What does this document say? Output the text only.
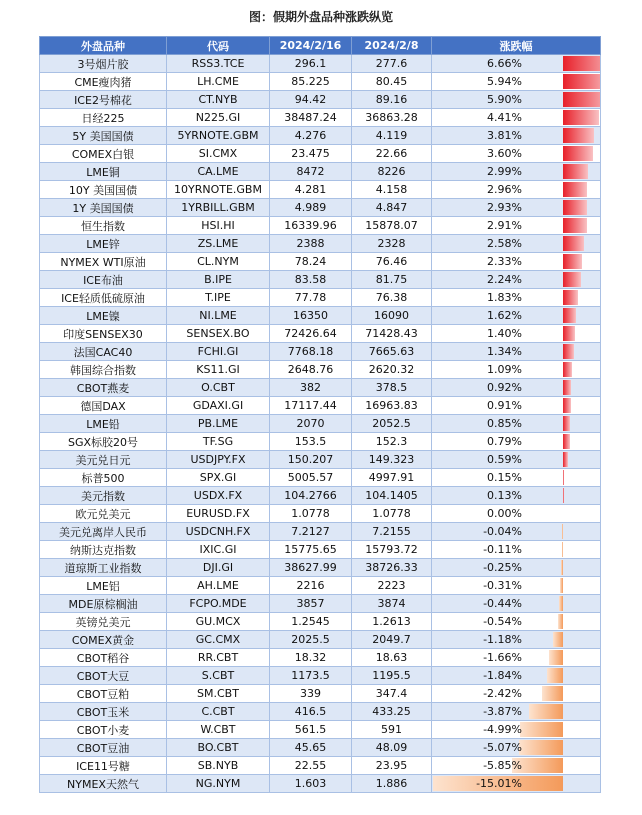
图：假期外盘品种涨跌纵览
外盘品种	代码	2024/2/16	2024/2/8	涨跌幅
3号烟片胶	RSS3.TCE	296.1	277.6	6.66%
CME瘦肉猪	LH.CME	85.225	80.45	5.94%
ICE2号棉花	CT.NYB	94.42	89.16	5.90%
日经225	N225.GI	38487.24	36863.28	4.41%
5Y 美国国债	5YRNOTE.GBM	4.276	4.119	3.81%
COMEX白银	SI.CMX	23.475	22.66	3.60%
LME铜	CA.LME	8472	8226	2.99%
10Y 美国国债	10YRNOTE.GBM	4.281	4.158	2.96%
1Y 美国国债	1YRBILL.GBM	4.989	4.847	2.93%
恒生指数	HSI.HI	16339.96	15878.07	2.91%
LME锌	ZS.LME	2388	2328	2.58%
NYMEX WTI原油	CL.NYM	78.24	76.46	2.33%
ICE布油	B.IPE	83.58	81.75	2.24%
ICE轻质低硫原油	T.IPE	77.78	76.38	1.83%
LME镍	NI.LME	16350	16090	1.62%
印度SENSEX30	SENSEX.BO	72426.64	71428.43	1.40%
法国CAC40	FCHI.GI	7768.18	7665.63	1.34%
韩国综合指数	KS11.GI	2648.76	2620.32	1.09%
CBOT燕麦	O.CBT	382	378.5	0.92%
德国DAX	GDAXI.GI	17117.44	16963.83	0.91%
LME铅	PB.LME	2070	2052.5	0.85%
SGX标胶20号	TF.SG	153.5	152.3	0.79%
美元兑日元	USDJPY.FX	150.207	149.323	0.59%
标普500	SPX.GI	5005.57	4997.91	0.15%
美元指数	USDX.FX	104.2766	104.1405	0.13%
欧元兑美元	EURUSD.FX	1.0778	1.0778	0.00%
美元兑离岸人民币	USDCNH.FX	7.2127	7.2155	-0.04%
纳斯达克指数	IXIC.GI	15775.65	15793.72	-0.11%
道琼斯工业指数	DJI.GI	38627.99	38726.33	-0.25%
LME铝	AH.LME	2216	2223	-0.31%
MDE原棕榈油	FCPO.MDE	3857	3874	-0.44%
英镑兑美元	GU.MCX	1.2545	1.2613	-0.54%
COMEX黄金	GC.CMX	2025.5	2049.7	-1.18%
CBOT稻谷	RR.CBT	18.32	18.63	-1.66%
CBOT大豆	S.CBT	1173.5	1195.5	-1.84%
CBOT豆粕	SM.CBT	339	347.4	-2.42%
CBOT玉米	C.CBT	416.5	433.25	-3.87%
CBOT小麦	W.CBT	561.5	591	-4.99%
CBOT豆油	BO.CBT	45.65	48.09	-5.07%
ICE11号糖	SB.NYB	22.55	23.95	-5.85%
NYMEX天然气	NG.NYM	1.603	1.886	-15.01%
